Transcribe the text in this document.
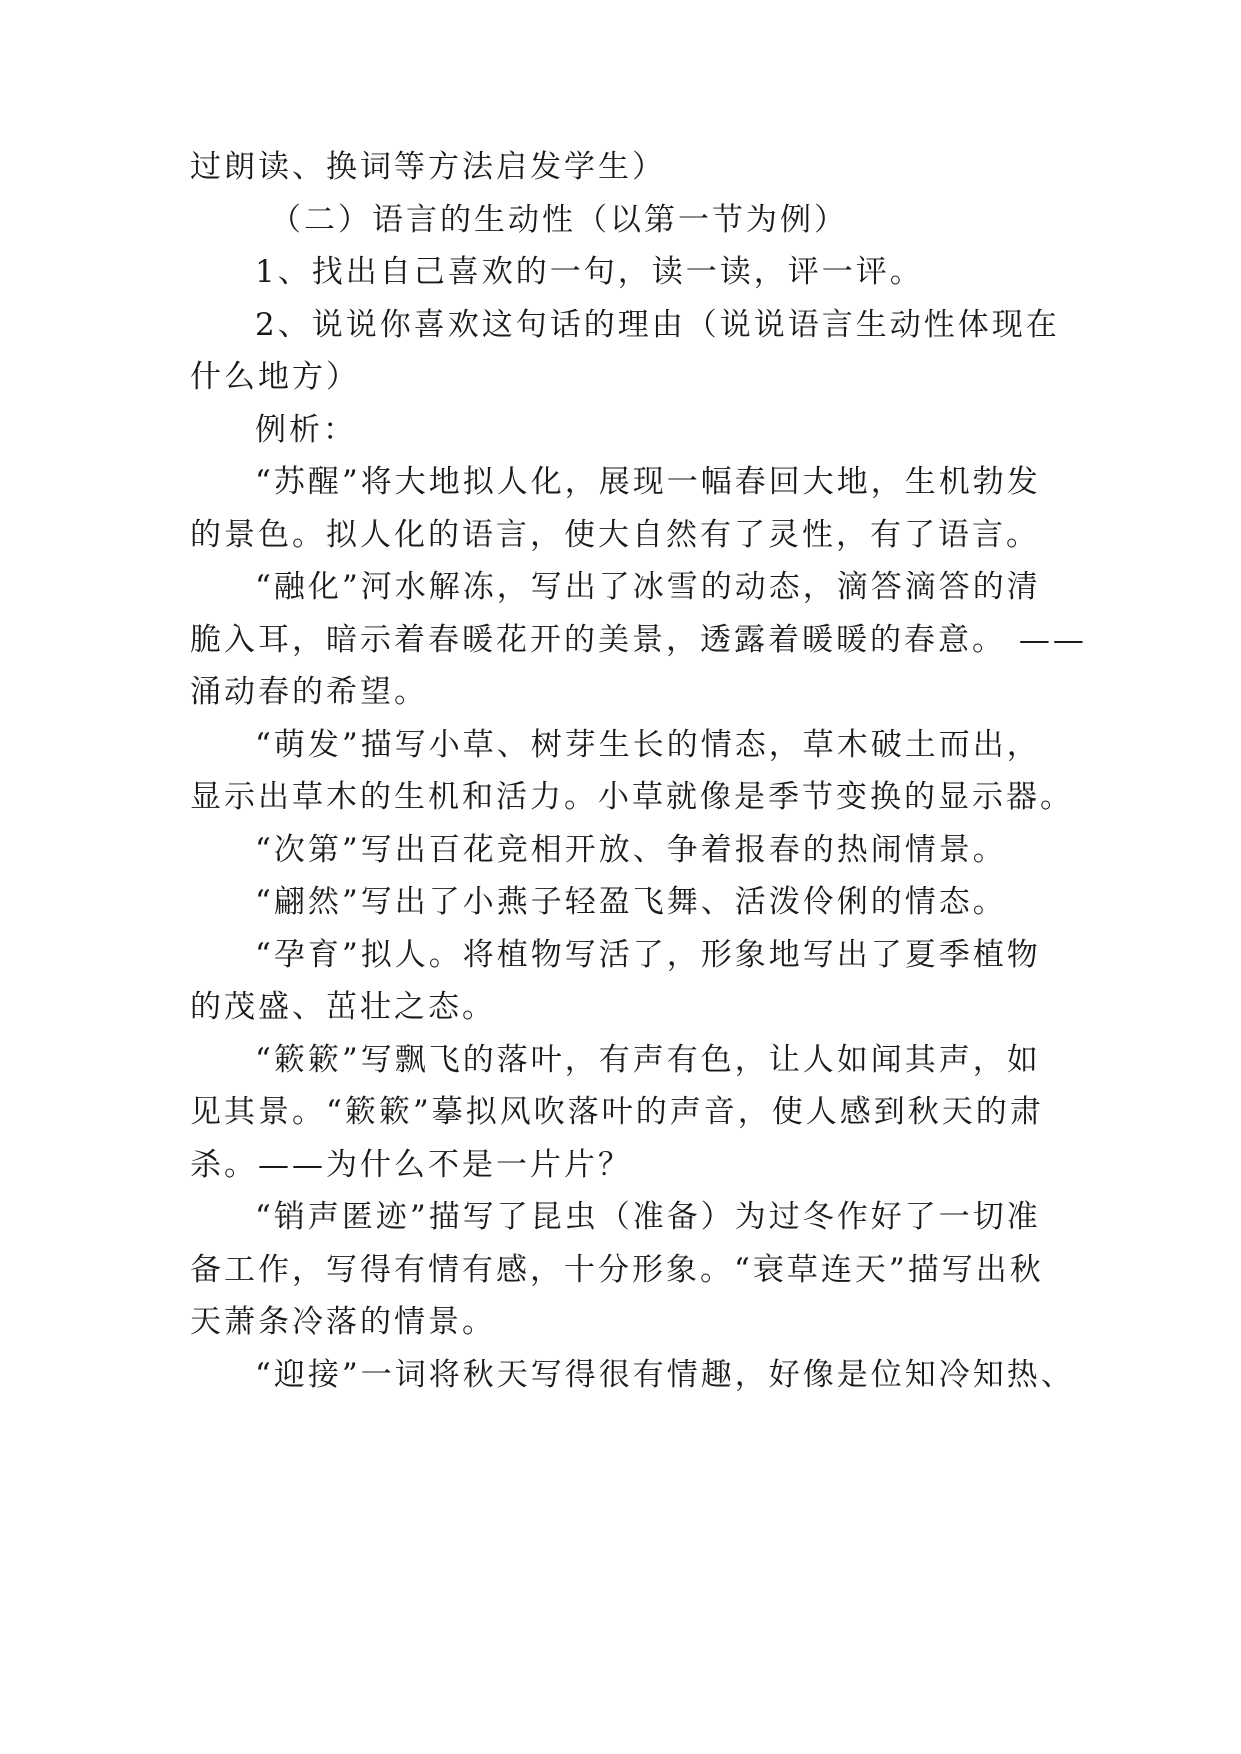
过朗读、换词等方法启发学生）
（二）语言的生动性（以第一节为例）
1、找出自己喜欢的一句，读一读，评一评。
2、说说你喜欢这句话的理由（说说语言生动性体现在
什么地方）
例析：
“苏醒”将大地拟人化，展现一幅春回大地，生机勃发
的景色。拟人化的语言，使大自然有了灵性，有了语言。
“融化”河水解冻，写出了冰雪的动态，滴答滴答的清
脆入耳，暗示着春暖花开的美景，透露着暖暖的春意。 ——
涌动春的希望。
“萌发”描写小草、树芽生长的情态，草木破土而出，
显示出草木的生机和活力。小草就像是季节变换的显示器。
“次第”写出百花竞相开放、争着报春的热闹情景。
“翩然”写出了小燕子轻盈飞舞、活泼伶俐的情态。
“孕育”拟人。将植物写活了，形象地写出了夏季植物
的茂盛、茁壮之态。
“簌簌”写飘飞的落叶，有声有色，让人如闻其声，如
见其景。“簌簌”摹拟风吹落叶的声音，使人感到秋天的肃
杀。——为什么不是一片片？
“销声匿迹”描写了昆虫（准备）为过冬作好了一切准
备工作，写得有情有感，十分形象。“衰草连天”描写出秋
天萧条冷落的情景。
“迎接”一词将秋天写得很有情趣，好像是位知冷知热、
